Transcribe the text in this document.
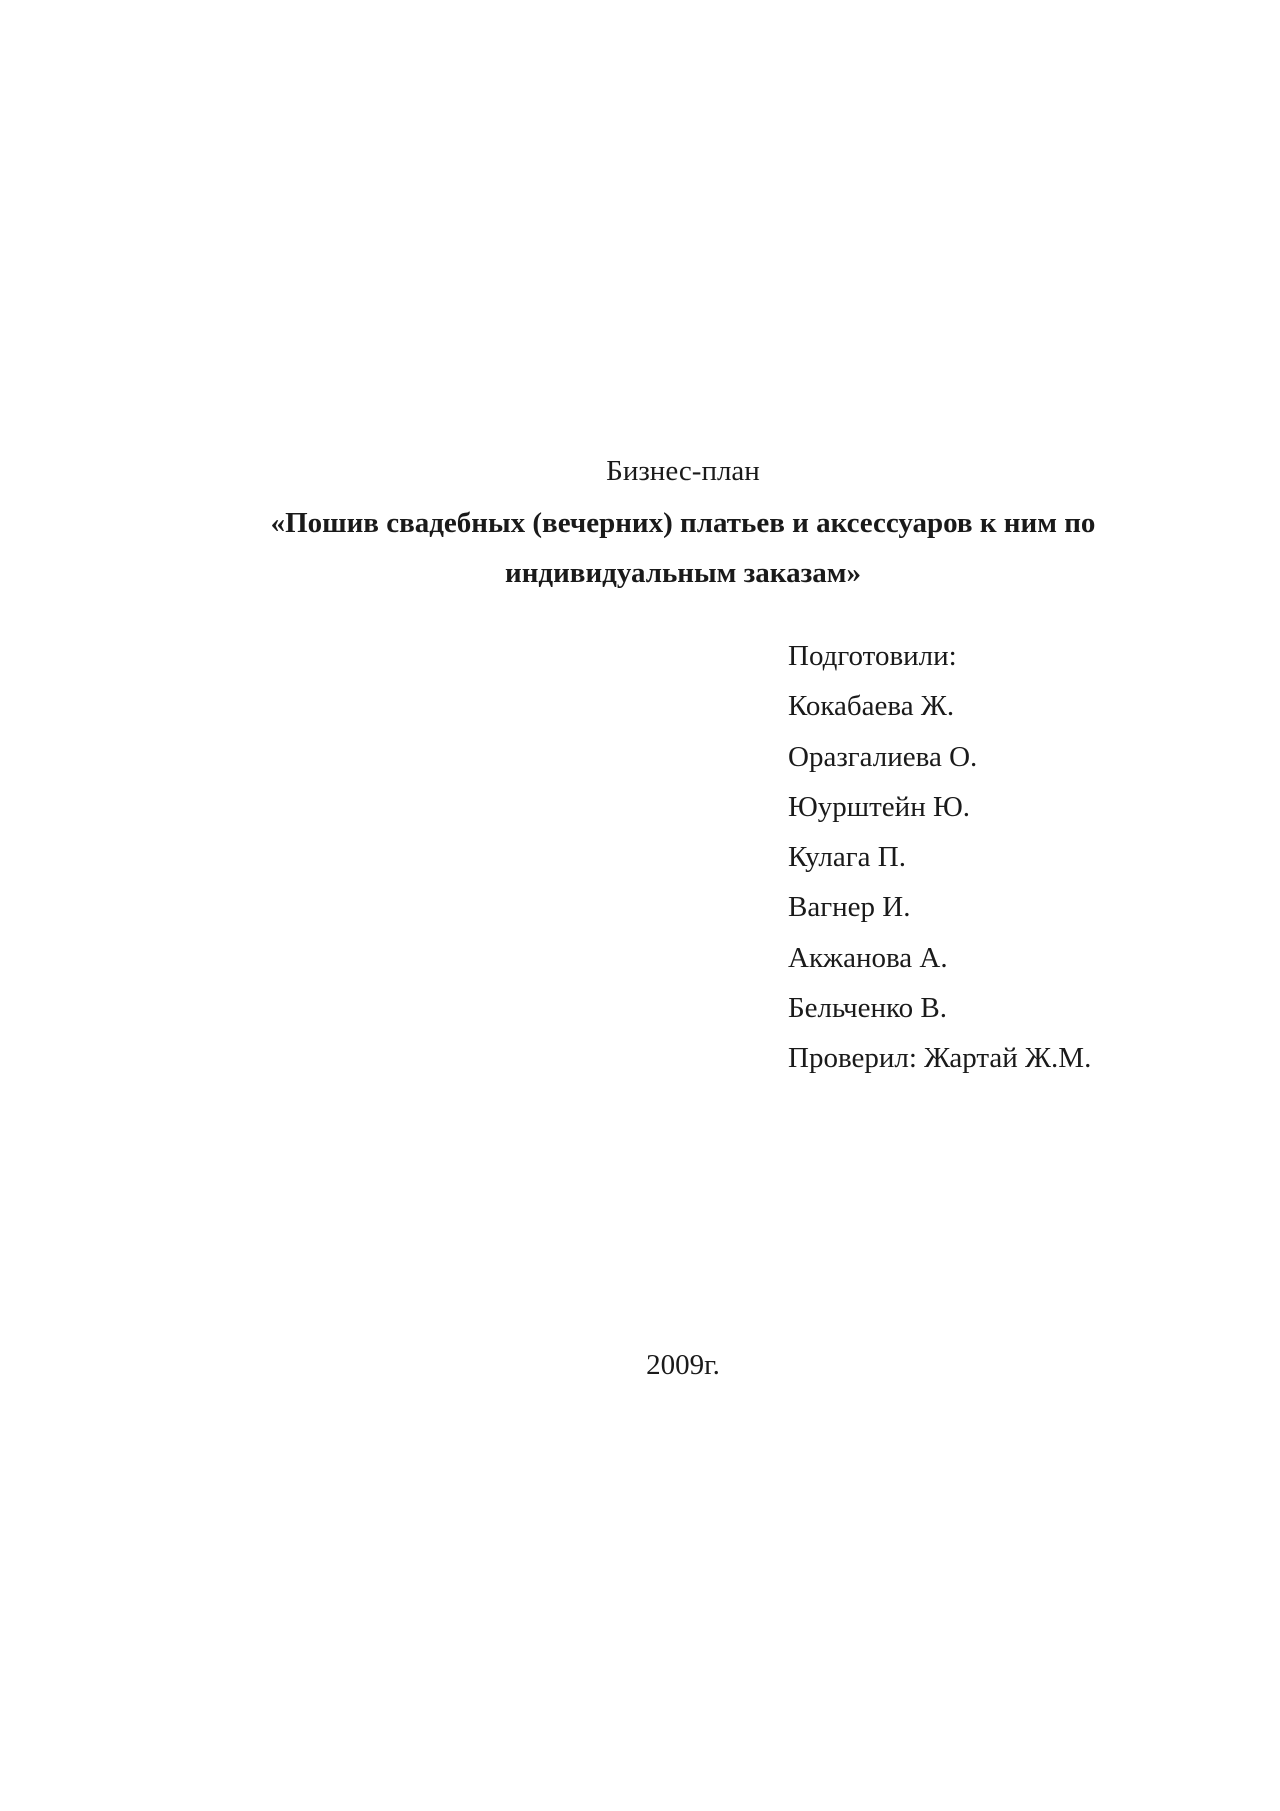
Бизнес-план
«Пошив свадебных (вечерних) платьев и аксессуаров к ним по индивидуальным заказам»
Подготовили:
Кокабаева Ж.
Оразгалиева О.
Юурштейн Ю.
Кулага П.
Вагнер И.
Акжанова А.
Бельченко В.
Проверил: Жартай Ж.М.
2009г.
